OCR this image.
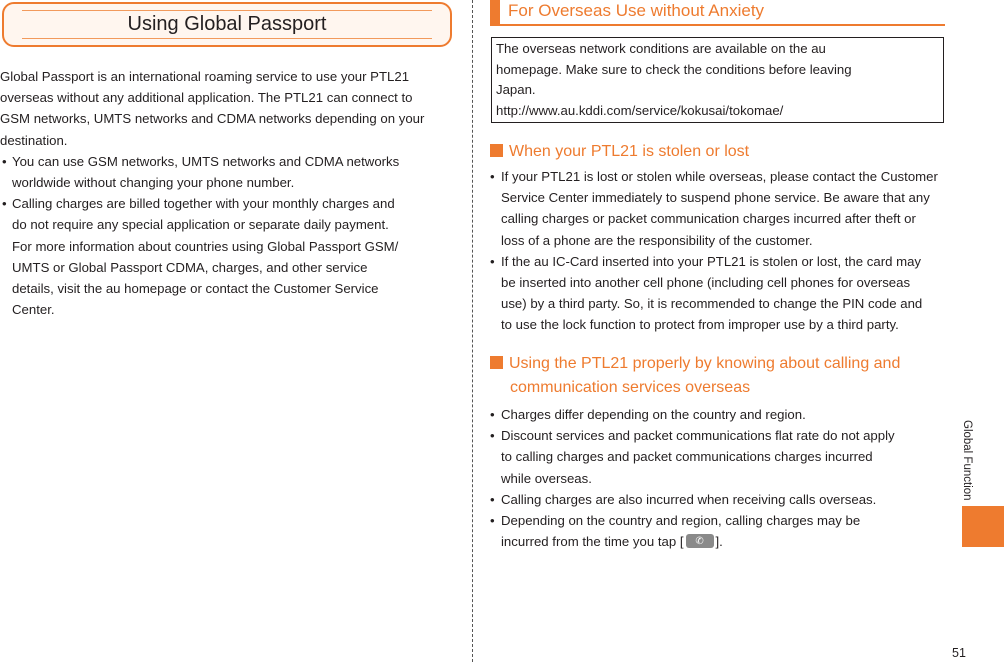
Using Global Passport

Global Passport is an international roaming service to use your PTL21

overseas without any additional application. The PTL21 can connect to

GSM networks, UMTS networks and CDMA networks depending on your

destination.

• You can use GSM networks, UMTS networks and CDMA networks
worldwide without changing your phone number.
• Calling charges are billed together with your monthly charges and
do not require any special application or separate daily payment.
For more information about countries using Global Passport GSM/
UMTS or Global Passport CDMA, charges, and other service
details, visit the au homepage or contact the Customer Service
Center.
For Overseas Use without Anxiety
The overseas network conditions are available on the au
homepage. Make sure to check the conditions before leaving
Japan.
http://www.au.kddi.com/service/kokusai/tokomae/
When your PTL21 is stolen or lost
• If your PTL21 is lost or stolen while overseas, please contact the Customer
Service Center immediately to suspend phone service. Be aware that any
calling charges or packet communication charges incurred after theft or
loss of a phone are the responsibility of the customer.
• If the au IC-Card inserted into your PTL21 is stolen or lost, the card may
be inserted into another cell phone (including cell phones for overseas
use) by a third party. So, it is recommended to change the PIN code and
to use the lock function to protect from improper use by a third party.
Using the PTL21 properly by knowing about calling and
communication services overseas
• Charges differ depending on the country and region.
• Discount services and packet communications flat rate do not apply
to calling charges and packet communications charges incurred
while overseas.
• Calling charges are also incurred when receiving calls overseas.
• Depending on the country and region, calling charges may be
incurred from the time you tap [	✆ ].
Global Function
51
